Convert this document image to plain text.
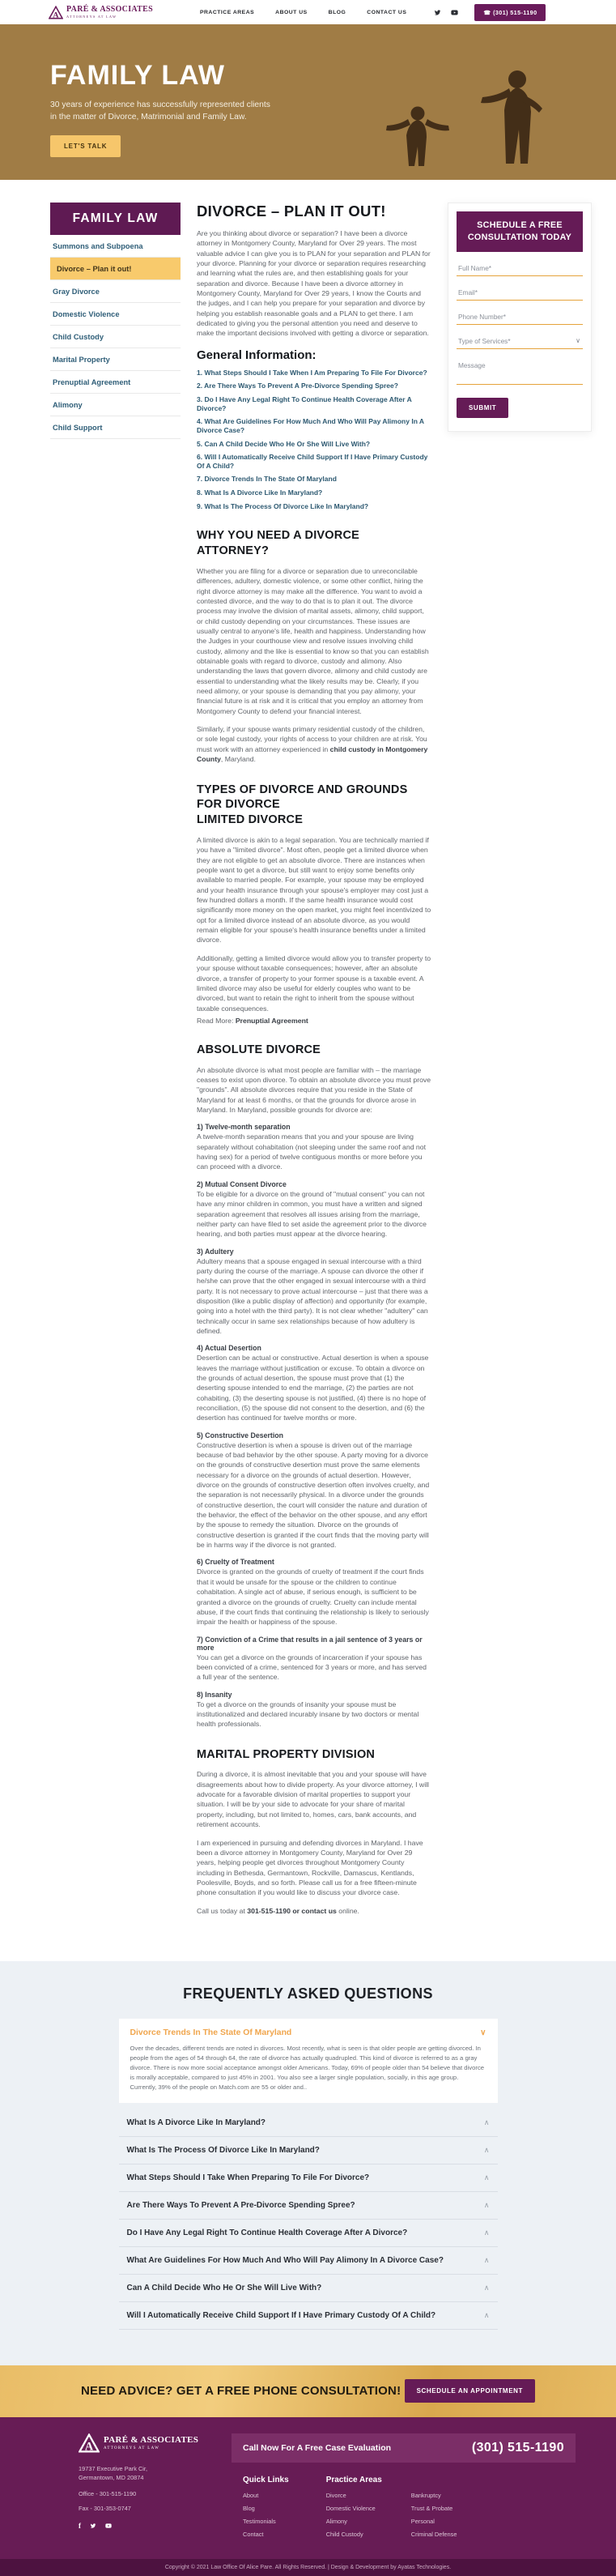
A
PARÉ & ASSOCIATES
ATTORNEYS AT LAW
PRACTICE AREAS	ABOUT US	BLOG	CONTACT US	☎ (301) 515-1190
FAMILY LAW
30 years of experience has successfully represented clients in the matter of Divorce, Matrimonial and Family Law.
LET'S TALK
FAMILY LAW
Summons and Subpoena
Divorce – Plan it out!
Gray Divorce
Domestic Violence
Child Custody
Marital Property
Prenuptial Agreement
Alimony
Child Support
DIVORCE – PLAN IT OUT!

Are you thinking about divorce or separation? I have been a divorce attorney in Montgomery County, Maryland for Over 29 years. The most valuable advice I can give you is to PLAN for your separation and PLAN for your divorce. Planning for your divorce or separation requires researching and learning what the rules are, and then establishing goals for your separation and divorce. Because I have been a divorce attorney in Montgomery County, Maryland for Over 29 years, I know the Courts and the judges, and I can help you prepare for your separation and divorce by helping you establish reasonable goals and a PLAN to get there. I am dedicated to giving you the personal attention you need and deserve to make the important decisions involved with getting a divorce or separation.

General Information:
1. What Steps Should I Take When I Am Preparing To File For Divorce?
2. Are There Ways To Prevent A Pre-Divorce Spending Spree?
3. Do I Have Any Legal Right To Continue Health Coverage After A Divorce?
4. What Are Guidelines For How Much And Who Will Pay Alimony In A Divorce Case?
5. Can A Child Decide Who He Or She Will Live With?
6. Will I Automatically Receive Child Support If I Have Primary Custody Of A Child?
7. Divorce Trends In The State Of Maryland
8. What Is A Divorce Like In Maryland?
9. What Is The Process Of Divorce Like In Maryland?
WHY YOU NEED A DIVORCE ATTORNEY?

Whether you are filing for a divorce or separation due to unreconcilable differences, adultery, domestic violence, or some other conflict, hiring the right divorce attorney is may make all the difference. You want to avoid a contested divorce, and the way to do that is to plan it out. The divorce process may involve the division of marital assets, alimony, child support, or child custody depending on your circumstances. These issues are usually central to anyone's life, health and happiness. Understanding how the Judges in your courthouse view and resolve issues involving child custody, alimony and the like is essential to know so that you can establish obtainable goals with regard to divorce, custody and alimony. Also understanding the laws that govern divorce, alimony and child custody are essential to understanding what the likely results may be. Clearly, if you need alimony, or your spouse is demanding that you pay alimony, your financial future is at risk and it is critical that you employ an attorney from Montgomery County to defend your financial interest.

Similarly, if your spouse wants primary residential custody of the children, or sole legal custody, your rights of access to your children are at risk. You must work with an attorney experienced in child custody in Montgomery County, Maryland.

TYPES OF DIVORCE AND GROUNDS FOR DIVORCE
LIMITED DIVORCE

A limited divorce is akin to a legal separation. You are technically married if you have a "limited divorce". Most often, people get a limited divorce when they are not eligible to get an absolute divorce. There are instances when people want to get a divorce, but still want to enjoy some benefits only available to married people. For example, your spouse may be employed and your health insurance through your spouse's employer may cost just a few hundred dollars a month. If the same health insurance would cost significantly more money on the open market, you might feel incentivized to opt for a limited divorce instead of an absolute divorce, as you would remain eligible for your spouse's health insurance benefits under a limited divorce.

Additionally, getting a limited divorce would allow you to transfer property to your spouse without taxable consequences; however, after an absolute divorce, a transfer of property to your former spouse is a taxable event. A limited divorce may also be useful for elderly couples who want to be divorced, but want to retain the right to inherit from the spouse without taxable consequences.

Read More: Prenuptial Agreement
ABSOLUTE DIVORCE

An absolute divorce is what most people are familiar with – the marriage ceases to exist upon divorce. To obtain an absolute divorce you must prove "grounds". All absolute divorces require that you reside in the State of Maryland for at least 6 months, or that the grounds for divorce arose in Maryland. In Maryland, possible grounds for divorce are:

1) Twelve-month separation

A twelve-month separation means that you and your spouse are living separately without cohabitation (not sleeping under the same roof and not having sex) for a period of twelve contiguous months or more before you can proceed with a divorce.

2) Mutual Consent Divorce

To be eligible for a divorce on the ground of "mutual consent" you can not have any minor children in common, you must have a written and signed separation agreement that resolves all issues arising from the marriage, neither party can have filed to set aside the agreement prior to the divorce hearing, and both parties must appear at the divorce hearing.

3) Adultery

Adultery means that a spouse engaged in sexual intercourse with a third party during the course of the marriage. A spouse can divorce the other if he/she can prove that the other engaged in sexual intercourse with a third party. It is not necessary to prove actual intercourse – just that there was a disposition (like a public display of affection) and opportunity (for example, going into a hotel with the third party). It is not clear whether "adultery" can technically occur in same sex relationships because of how adultery is defined.

4) Actual Desertion

Desertion can be actual or constructive. Actual desertion is when a spouse leaves the marriage without justification or excuse. To obtain a divorce on the grounds of actual desertion, the spouse must prove that (1) the deserting spouse intended to end the marriage, (2) the parties are not cohabiting, (3) the deserting spouse is not justified, (4) there is no hope of reconciliation, (5) the spouse did not consent to the desertion, and (6) the desertion has continued for twelve months or more.

5) Constructive Desertion

Constructive desertion is when a spouse is driven out of the marriage because of bad behavior by the other spouse. A party moving for a divorce on the grounds of constructive desertion must prove the same elements necessary for a divorce on the grounds of actual desertion. However, divorce on the grounds of constructive desertion often involves cruelty, and the separation is not necessarily physical. In a divorce under the grounds of constructive desertion, the court will consider the nature and duration of the behavior, the effect of the behavior on the other spouse, and any effort by the spouse to remedy the situation. Divorce on the grounds of constructive desertion is granted if the court finds that the moving party will be in harms way if the divorce is not granted.

6) Cruelty of Treatment

Divorce is granted on the grounds of cruelty of treatment if the court finds that it would be unsafe for the spouse or the children to continue cohabitation. A single act of abuse, if serious enough, is sufficient to be granted a divorce on the grounds of cruelty. Cruelty can include mental abuse, if the court finds that continuing the relationship is likely to seriously impair the health or happiness of the spouse.

7) Conviction of a Crime that results in a jail sentence of 3 years or more

You can get a divorce on the grounds of incarceration if your spouse has been convicted of a crime, sentenced for 3 years or more, and has served a full year of the sentence.

8) Insanity

To get a divorce on the grounds of insanity your spouse must be institutionalized and declared incurably insane by two doctors or mental health professionals.

MARITAL PROPERTY DIVISION

During a divorce, it is almost inevitable that you and your spouse will have disagreements about how to divide property. As your divorce attorney, I will advocate for a favorable division of marital properties to support your situation. I will be by your side to advocate for your share of marital property, including, but not limited to, homes, cars, bank accounts, and retirement accounts.

I am experienced in pursuing and defending divorces in Maryland. I have been a divorce attorney in Montgomery County, Maryland for Over 29 years, helping people get divorces throughout Montgomery County including in Bethesda, Germantown, Rockville, Damascus, Kentlands, Poolesville, Boyds, and so forth. Please call us for a free fifteen-minute phone consultation if you would like to discuss your divorce case.

Call us today at 301-515-1190 or contact us online.

SCHEDULE A FREE CONSULTATION TODAY
Full Name*
Email*
Phone Number*
Type of Services*
∨
Message
SUBMIT
FREQUENTLY ASKED QUESTIONS
Divorce Trends In The State Of Maryland	∨
Over the decades, different trends are noted in divorces. Most recently, what is seen is that older people are getting divorced. In people from the ages of 54 through 64, the rate of divorce has actually quadrupled. This kind of divorce is referred to as a gray divorce. There is now more social acceptance amongst older Americans. Today, 69% of people older than 54 believe that divorce is morally acceptable, compared to just 45% in 2001. You also see a larger single population, socially, in this age group. Currently, 39% of the people on Match.com are 55 or older and..
What Is A Divorce Like In Maryland?	∧
What Is The Process Of Divorce Like In Maryland?	∧
What Steps Should I Take When Preparing To File For Divorce?	∧
Are There Ways To Prevent A Pre-Divorce Spending Spree?	∧
Do I Have Any Legal Right To Continue Health Coverage After A Divorce?	∧
What Are Guidelines For How Much And Who Will Pay Alimony In A Divorce Case?	∧
Can A Child Decide Who He Or She Will Live With?	∧
Will I Automatically Receive Child Support If I Have Primary Custody Of A Child?	∧
NEED ADVICE? GET A FREE PHONE CONSULTATION!	SCHEDULE AN APPOINTMENT
A
PARÉ & ASSOCIATES
ATTORNEYS AT LAW
19737 Executive Park Cir,
Germantown, MD 20874
Office - 301-515-1190
Fax - 301-353-0747
f
Call Now For A Free Case Evaluation	(301) 515-1190
Quick Links
About
Blog
Testimonials
Contact
Practice Areas
Divorce
Domestic Violence
Alimony
Child Custody
Bankruptcy
Trust & Probate
Personal
Criminal Defense
Copyright © 2021 Law Office Of Alice Pare. All Rights Reserved. | Design & Development by Ayatas Technologies.
